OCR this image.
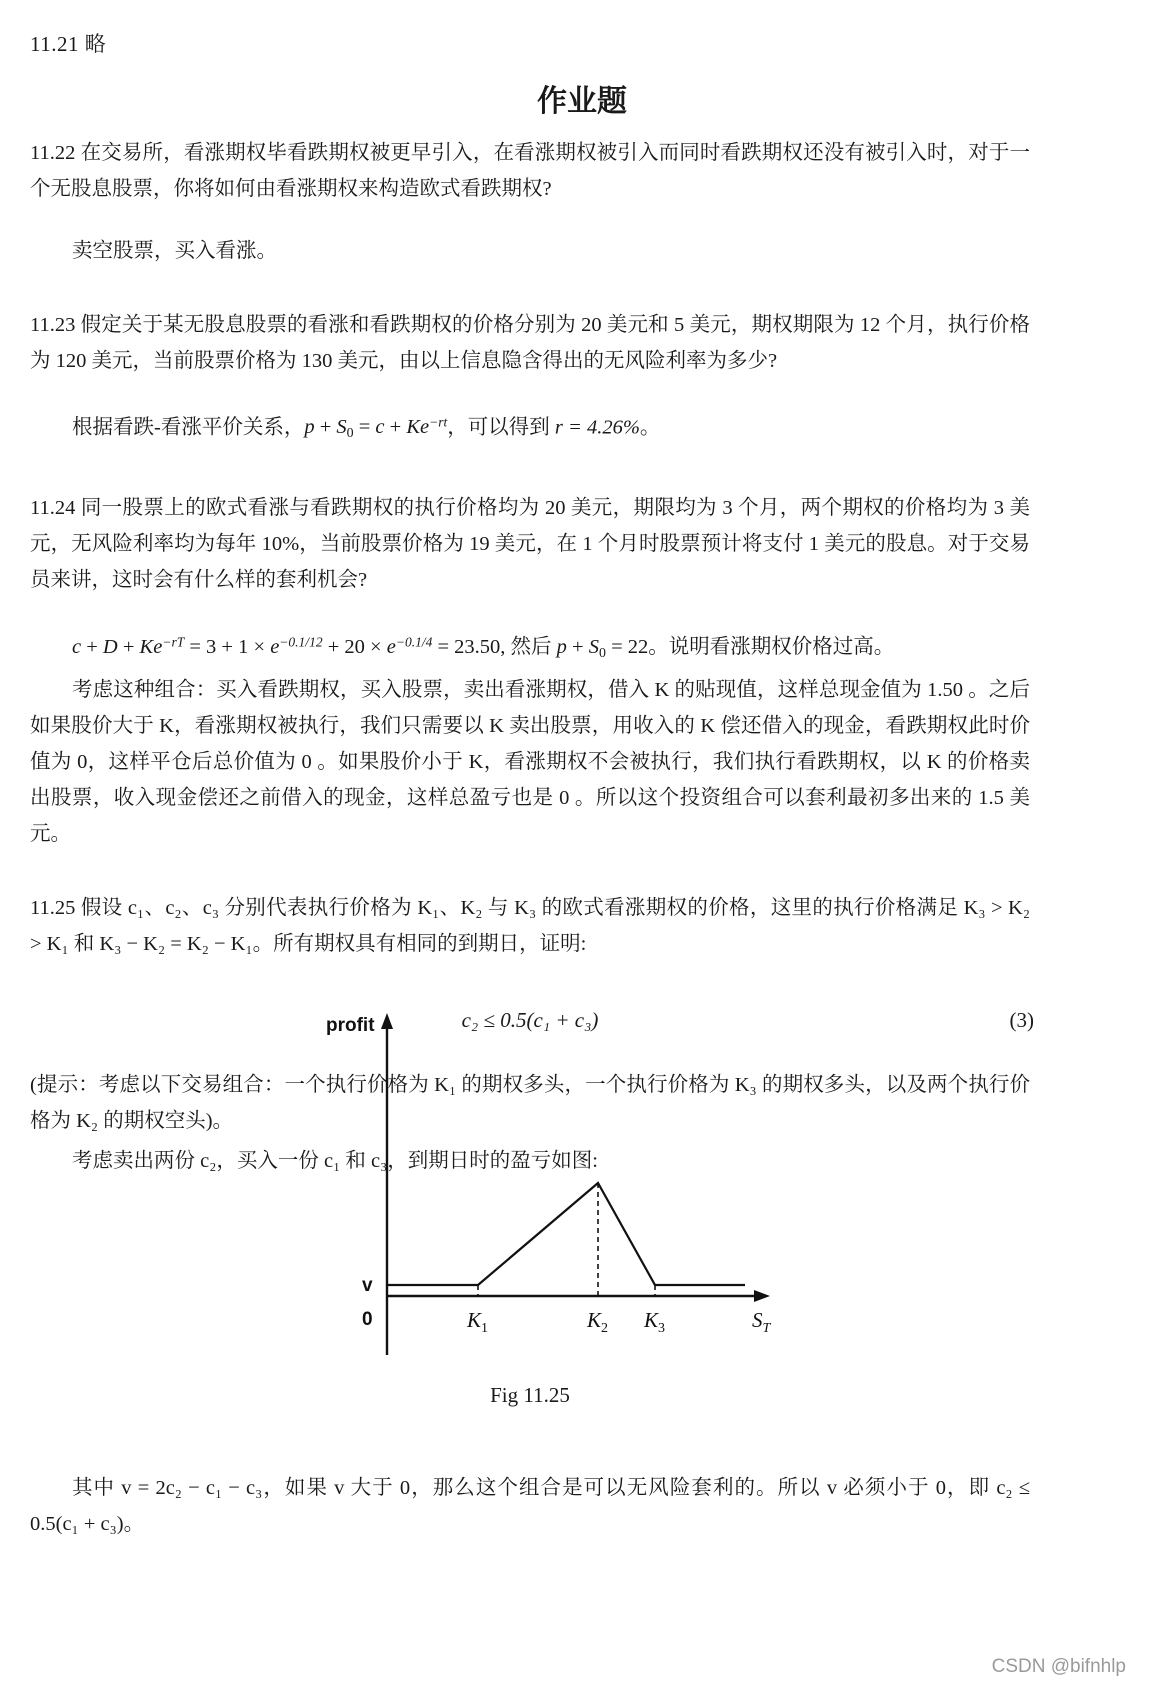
11.21 略
作业题

11.22 在交易所，看涨期权毕看跌期权被更早引入，在看涨期权被引入而同时看跌期权还没有被引入时，对于一个无股息股票，你将如何由看涨期权来构造欧式看跌期权?

卖空股票，买入看涨。

11.23 假定关于某无股息股票的看涨和看跌期权的价格分别为 20 美元和 5 美元，期权期限为 12 个月，执行价格为 120 美元，当前股票价格为 130 美元，由以上信息隐含得出的无风险利率为多少?

根据看跌-看涨平价关系，$p + S_0 = c + Ke^{-rt}$，可以得到 r = 4.26%。

11.24 同一股票上的欧式看涨与看跌期权的执行价格均为 20 美元，期限均为 3 个月，两个期权的价格均为 3 美元，无风险利率均为每年 10%，当前股票价格为 19 美元，在 1 个月时股票预计将支付 1 美元的股息。对于交易员来讲，这时会有什么样的套利机会?

$c + D + Ke^{-rT} = 3 + 1 \times e^{-0.1/12} + 20 \times e^{-0.1/4} = 23.50$, 然后 $p + S_0 = 22$。说明看涨期权价格过高。

考虑这种组合：买入看跌期权，买入股票，卖出看涨期权，借入 K 的贴现值，这样总现金值为 1.50 。之后如果股价大于 K，看涨期权被执行，我们只需要以 K 卖出股票，用收入的 K 偿还借入的现金，看跌期权此时价值为 0，这样平仓后总价值为 0 。如果股价小于 K，看涨期权不会被执行，我们执行看跌期权，以 K 的价格卖出股票，收入现金偿还之前借入的现金，这样总盈亏也是 0 。所以这个投资组合可以套利最初多出来的 1.5 美元。

11.25 假设 c₁、c₂、c₃ 分别代表执行价格为 K₁、K₂ 与 K₃ 的欧式看涨期权的价格，这里的执行价格满足 K₃ > K₂ > K₁ 和 K₃ − K₂ = K₂ − K₁。所有期权具有相同的到期日，证明:

c₂ ≤ 0.5(c₁ + c₃)	(3)

(提示：考虑以下交易组合：一个执行价格为 K₁ 的期权多头，一个执行价格为 K₃ 的期权多头，以及两个执行价格为 K₂ 的期权空头)。

考虑卖出两份 c₂，买入一份 c₁ 和 c₃，到期日时的盈亏如图:

profit
v
0	$K_1$	$K_2$ $K_3$	$S_T$
Fig 11.25

其中 v = 2c₂ − c₁ − c₃，如果 v 大于 0，那么这个组合是可以无风险套利的。所以 v 必须小于 0，即 c₂ ≤ 0.5(c₁ + c₃)。

CSDN @bifnhlp
